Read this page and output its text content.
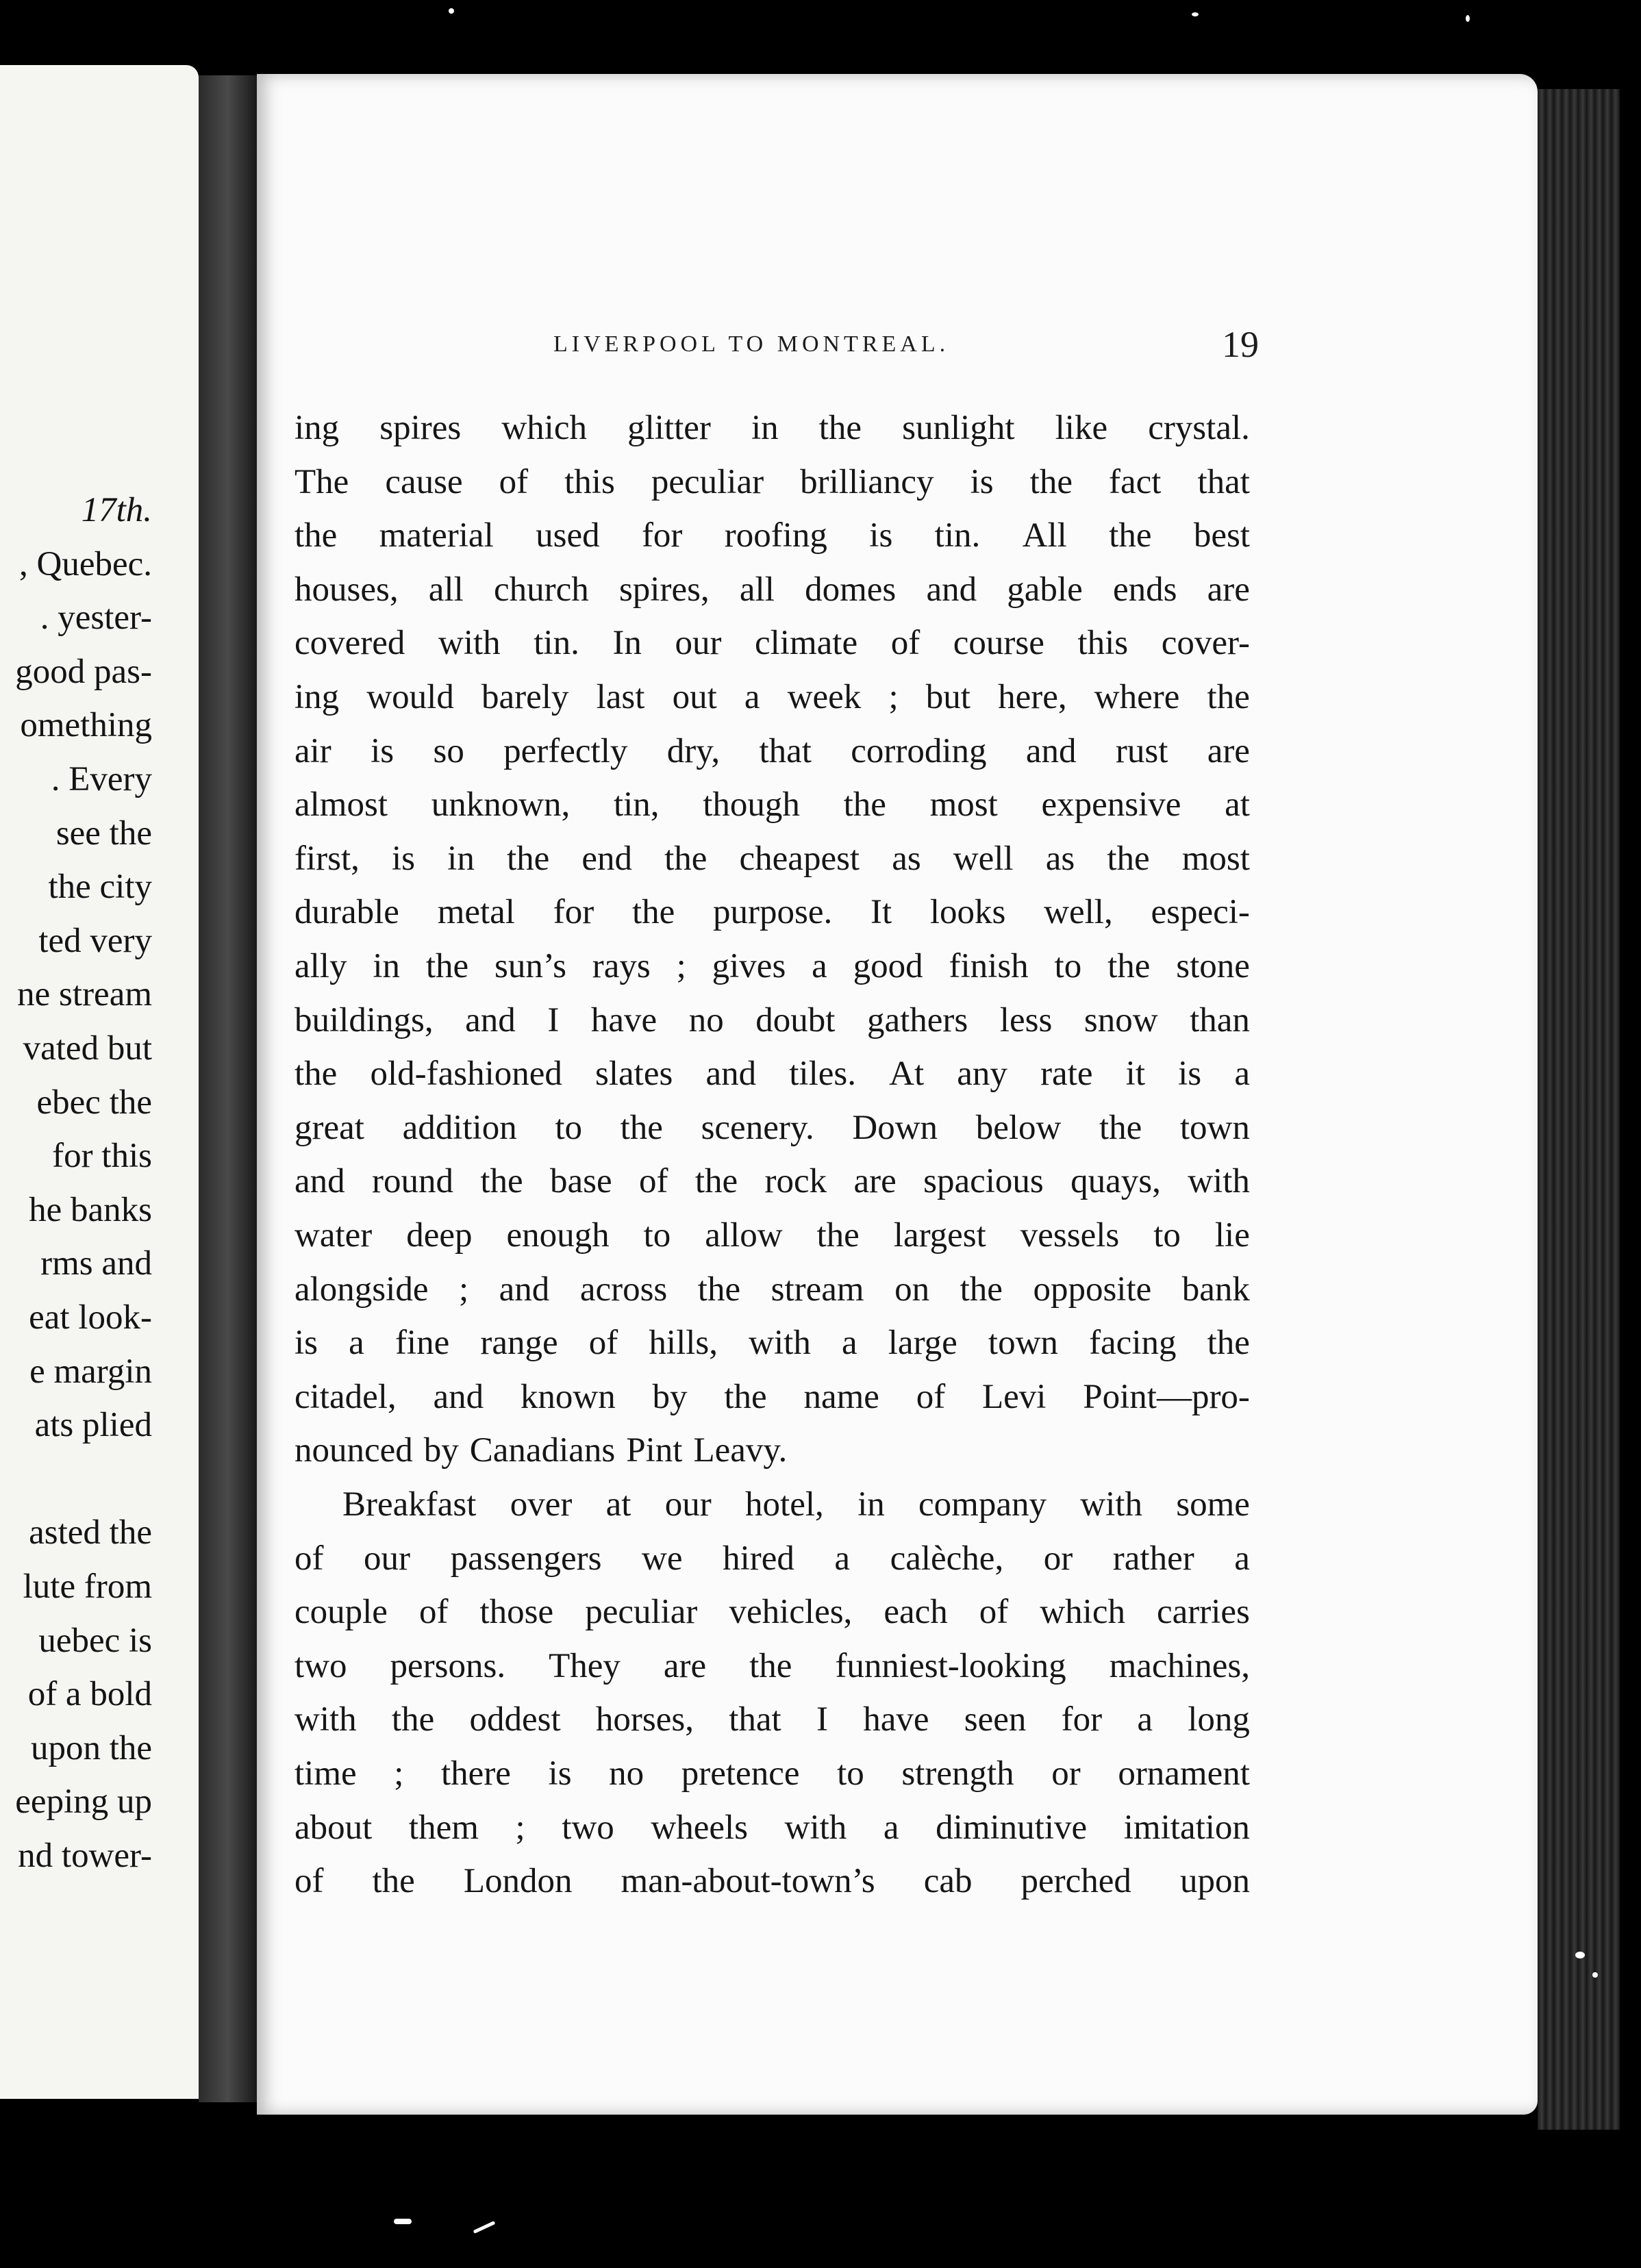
17th.
, Quebec.
. yester-
good pas-
omething
. Every
see the
the city
ted very
ne stream
vated but
ebec the
for this
he banks
rms and
eat look-
e margin
ats plied
asted the
lute from
uebec is
of a bold
upon the
eeping up
nd tower-
LIVERPOOL TO MONTREAL.	19
ing spires which glitter in the sunlight like crystal.
The cause of this peculiar brilliancy is the fact that
the material used for roofing is tin. All the best
houses, all church spires, all domes and gable ends are
covered with tin. In our climate of course this cover-
ing would barely last out a week ; but here, where the
air is so perfectly dry, that corroding and rust are
almost unknown, tin, though the most expensive at
first, is in the end the cheapest as well as the most
durable metal for the purpose. It looks well, especi-
ally in the sun’s rays ; gives a good finish to the stone
buildings, and I have no doubt gathers less snow than
the old-fashioned slates and tiles. At any rate it is a
great addition to the scenery. Down below the town
and round the base of the rock are spacious quays, with
water deep enough to allow the largest vessels to lie
alongside ; and across the stream on the opposite bank
is a fine range of hills, with a large town facing the
citadel, and known by the name of Levi Point—pro-
nounced by Canadians Pint Leavy.
Breakfast over at our hotel, in company with some
of our passengers we hired a calèche, or rather a
couple of those peculiar vehicles, each of which carries
two persons. They are the funniest-looking machines,
with the oddest horses, that I have seen for a long
time ; there is no pretence to strength or ornament
about them ; two wheels with a diminutive imitation
of the London man-about-town’s cab perched upon
